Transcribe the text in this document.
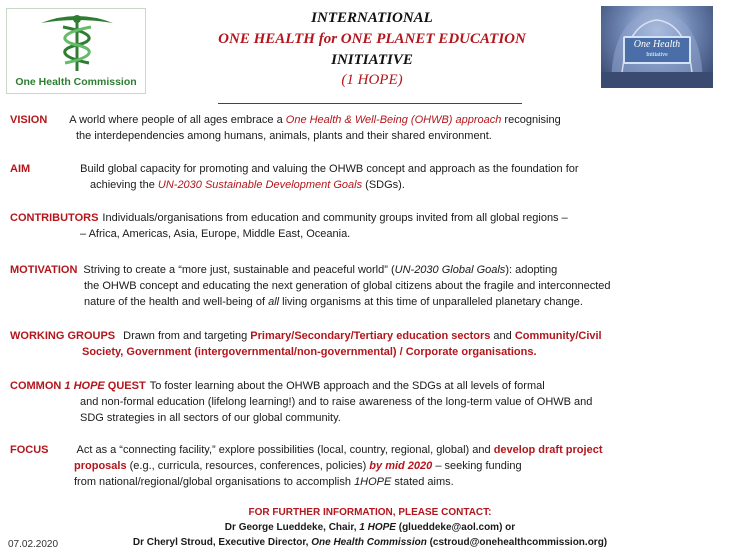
One Health Commission
One Health
Initiative
INTERNATIONAL
ONE HEALTH for ONE PLANET EDUCATION
INITIATIVE
(1 HOPE)
VISION A world where people of all ages embrace a One Health & Well-Being (OHWB) approach recognising
the interdependencies among humans, animals, plants and their shared environment.
AIM	Build global capacity for promoting and valuing the OHWB concept and approach as the foundation for
achieving the UN-2030 Sustainable Development Goals (SDGs).
CONTRIBUTORS Individuals/organisations from education and community groups invited from all global regions –
– Africa, Americas, Asia, Europe, Middle East, Oceania.
MOTIVATION Striving to create a “more just, sustainable and peaceful world” (UN-2030 Global Goals): adopting
the OHWB concept and educating the next generation of global citizens about the fragile and interconnected
nature of the health and well-being of all living organisms at this time of unparalleled planetary change.
WORKING GROUPS Drawn from and targeting Primary/Secondary/Tertiary education sectors and Community/Civil
Society, Government (intergovernmental/non-governmental) / Corporate organisations.
COMMON 1 HOPE QUEST To foster learning about the OHWB approach and the SDGs at all levels of formal
and non-formal education (lifelong learning!) and to raise awareness of the long-term value of OHWB and
SDG strategies in all sectors of our global community.
FOCUS	Act as a “connecting facility,” explore possibilities (local, country, regional, global) and develop draft project
proposals (e.g., curricula, resources, conferences, policies) by mid 2020 – seeking funding
from national/regional/global organisations to accomplish 1HOPE stated aims.
FOR FURTHER INFORMATION, PLEASE CONTACT:
Dr George Lueddeke, Chair, 1 HOPE (glueddeke@aol.com) or
Dr Cheryl Stroud, Executive Director, One Health Commission (cstroud@onehealthcommission.org)
07.02.2020
